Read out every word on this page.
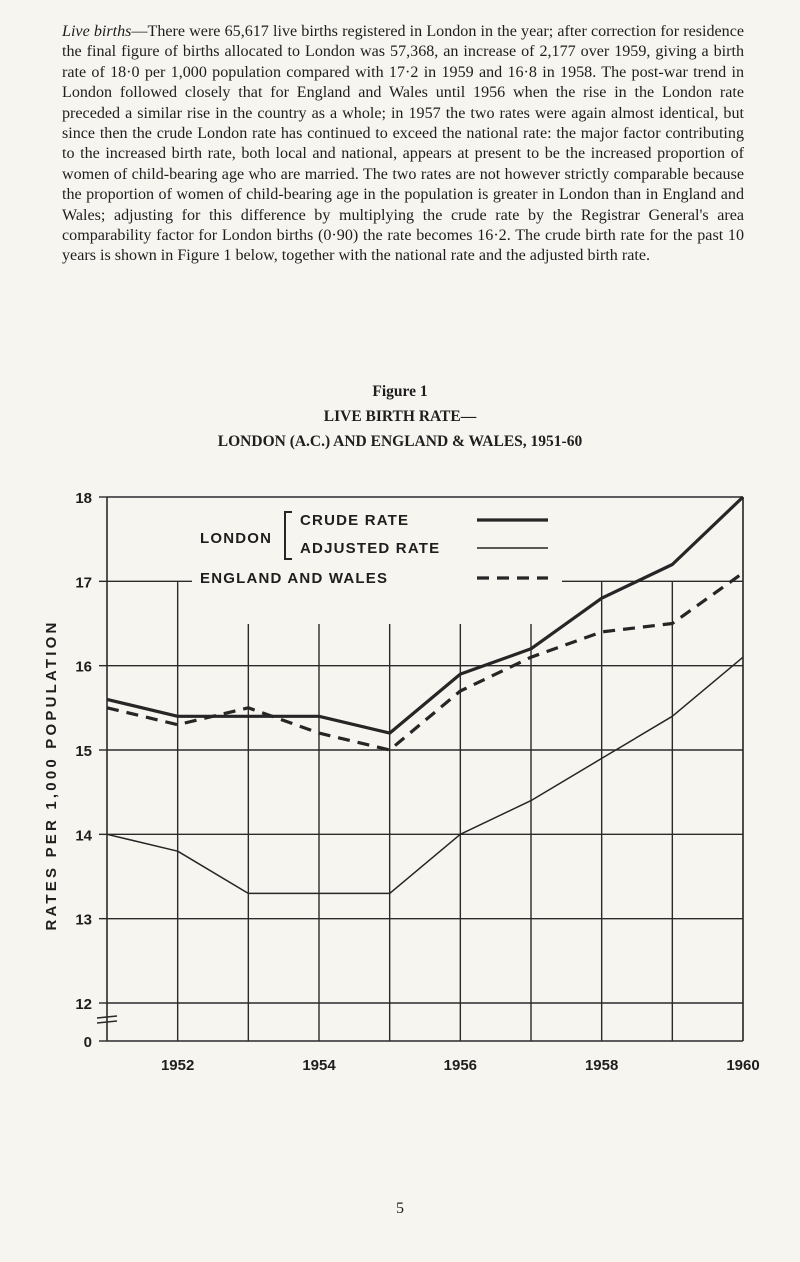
Live births—There were 65,617 live births registered in London in the year; after correction for residence the final figure of births allocated to London was 57,368, an increase of 2,177 over 1959, giving a birth rate of 18·0 per 1,000 population compared with 17·2 in 1959 and 16·8 in 1958. The post-war trend in London followed closely that for England and Wales until 1956 when the rise in the London rate preceded a similar rise in the country as a whole; in 1957 the two rates were again almost identical, but since then the crude London rate has continued to exceed the national rate: the major factor contributing to the increased birth rate, both local and national, appears at present to be the increased proportion of women of child-bearing age who are married. The two rates are not however strictly comparable because the proportion of women of child-bearing age in the population is greater in London than in England and Wales; adjusting for this difference by multiplying the crude rate by the Registrar General's area comparability factor for London births (0·90) the rate becomes 16·2. The crude birth rate for the past 10 years is shown in Figure 1 below, together with the national rate and the adjusted birth rate.

Figure 1
LIVE BIRTH RATE—
LONDON (A.C.) AND ENGLAND & WALES, 1951-60
LONDON
CRUDE RATE
ADJUSTED RATE
ENGLAND AND WALES
12
13
14
15
16
17
18
0
1952	1954	1956	1958	1960
RATES PER 1,000 POPULATION
5
